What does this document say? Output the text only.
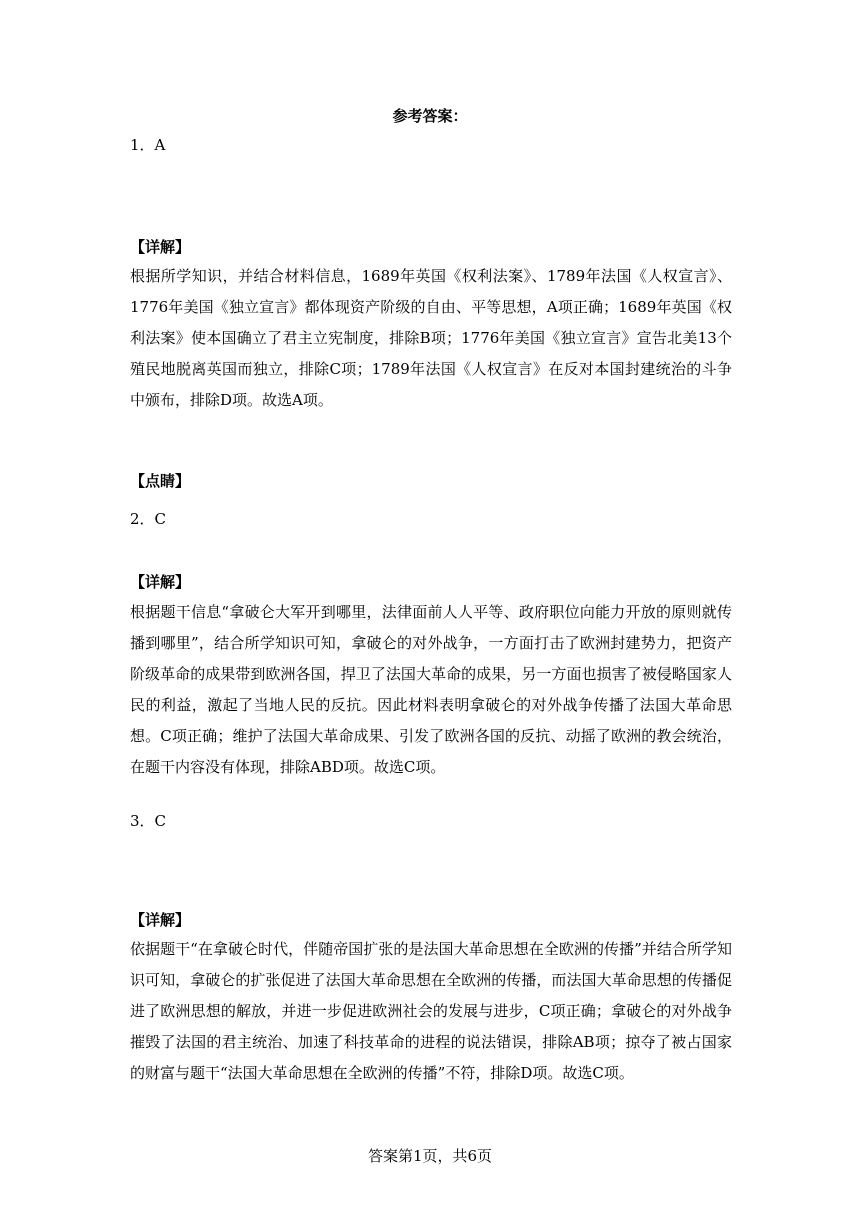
参考答案：
1．A
【详解】
根据所学知识，并结合材料信息，1689年英国《权利法案》、1789年法国《人权宣言》、1776年美国《独立宣言》都体现资产阶级的自由、平等思想，A项正确；1689年英国《权利法案》使本国确立了君主立宪制度，排除B项；1776年美国《独立宣言》宣告北美13个殖民地脱离英国而独立，排除C项；1789年法国《人权宣言》在反对本国封建统治的斗争中颁布，排除D项。故选A项。
【点睛】
2．C
【详解】
根据题干信息“拿破仑大军开到哪里，法律面前人人平等、政府职位向能力开放的原则就传播到哪里”，结合所学知识可知，拿破仑的对外战争，一方面打击了欧洲封建势力，把资产阶级革命的成果带到欧洲各国，捍卫了法国大革命的成果，另一方面也损害了被侵略国家人民的利益，激起了当地人民的反抗。因此材料表明拿破仑的对外战争传播了法国大革命思想。C项正确；维护了法国大革命成果、引发了欧洲各国的反抗、动摇了欧洲的教会统治，在题干内容没有体现，排除ABD项。故选C项。
3．C
【详解】
依据题干“在拿破仑时代，伴随帝国扩张的是法国大革命思想在全欧洲的传播”并结合所学知识可知，拿破仑的扩张促进了法国大革命思想在全欧洲的传播，而法国大革命思想的传播促进了欧洲思想的解放，并进一步促进欧洲社会的发展与进步，C项正确；拿破仑的对外战争摧毁了法国的君主统治、加速了科技革命的进程的说法错误，排除AB项；掠夺了被占国家的财富与题干“法国大革命思想在全欧洲的传播”不符，排除D项。故选C项。
答案第1页，共6页
